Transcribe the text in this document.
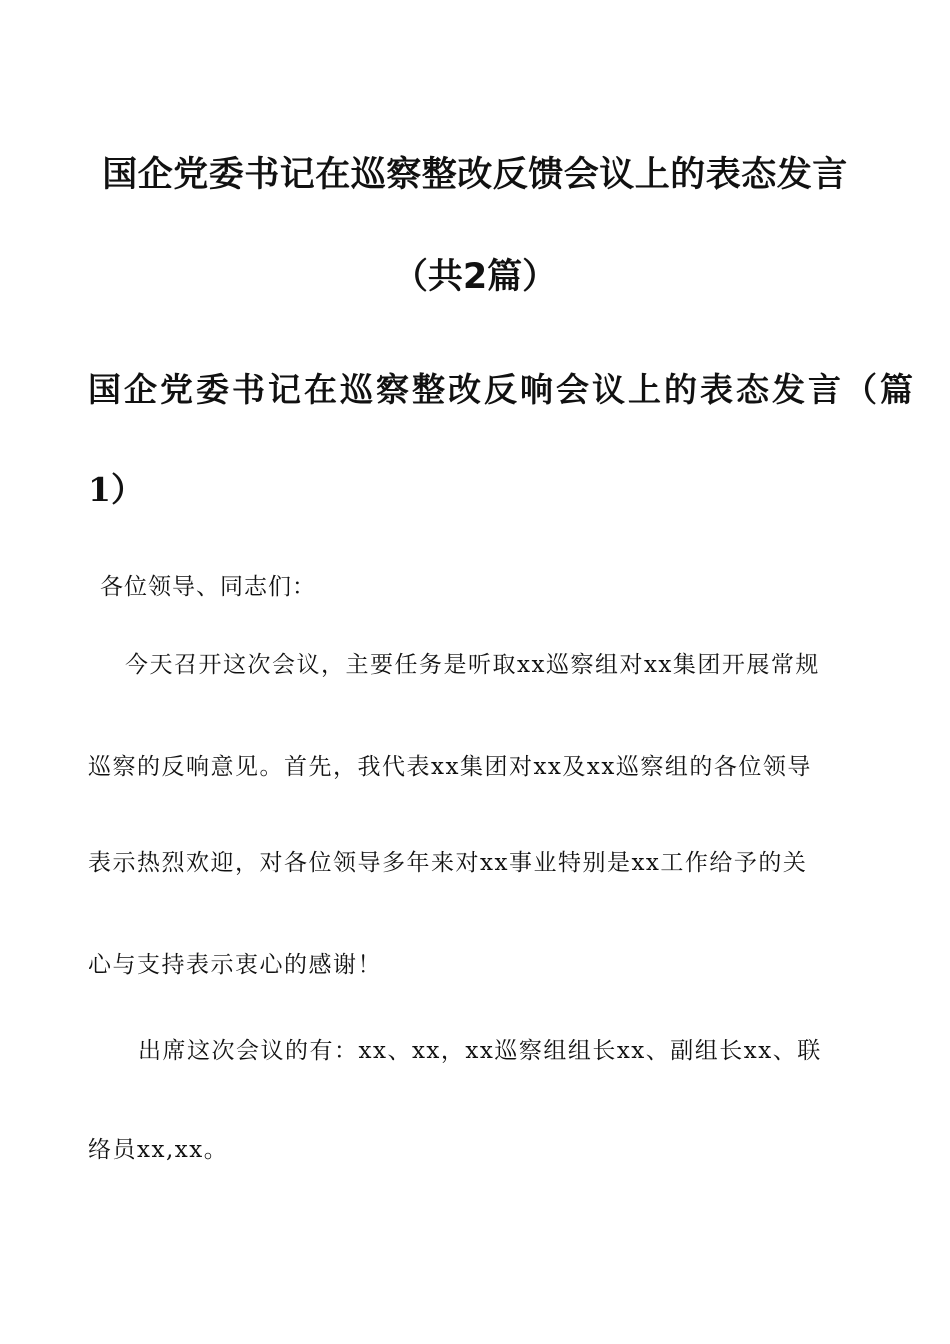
国企党委书记在巡察整改反馈会议上的表态发言
（共2篇）
国企党委书记在巡察整改反响会议上的表态发言（篇
1）
各位领导、同志们：
今天召开这次会议，主要任务是听取xx巡察组对xx集团开展常规
巡察的反响意见。首先，我代表xx集团对xx及xx巡察组的各位领导
表示热烈欢迎，对各位领导多年来对xx事业特别是xx工作给予的关
心与支持表示衷心的感谢！
出席这次会议的有：xx、xx，xx巡察组组长xx、副组长xx、联
络员xx,xx。
